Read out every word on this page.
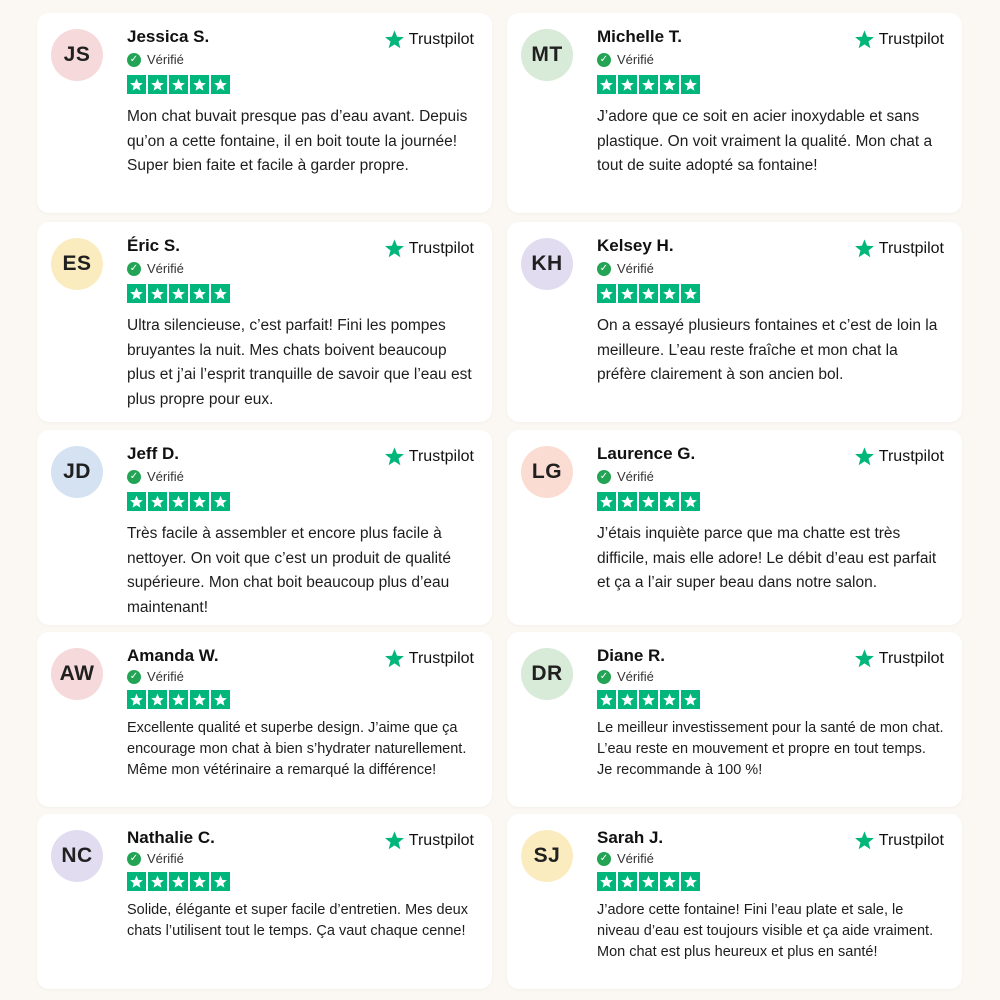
JS
Jessica S.
✓ Vérifié
Trustpilot
Mon chat buvait presque pas d’eau avant. Depuis qu’on a cette fontaine, il en boit toute la journée! Super bien faite et facile à garder propre.
MT
Michelle T.
✓ Vérifié
Trustpilot
J’adore que ce soit en acier inoxydable et sans plastique. On voit vraiment la qualité. Mon chat a tout de suite adopté sa fontaine!
ES
Éric S.
✓ Vérifié
Trustpilot
Ultra silencieuse, c’est parfait! Fini les pompes bruyantes la nuit. Mes chats boivent beaucoup plus et j’ai l’esprit tranquille de savoir que l’eau est plus propre pour eux.
KH
Kelsey H.
✓ Vérifié
Trustpilot
On a essayé plusieurs fontaines et c’est de loin la meilleure. L’eau reste fraîche et mon chat la préfère clairement à son ancien bol.
JD
Jeff D.
✓ Vérifié
Trustpilot
Très facile à assembler et encore plus facile à nettoyer. On voit que c’est un produit de qualité supérieure. Mon chat boit beaucoup plus d’eau maintenant!
LG
Laurence G.
✓ Vérifié
Trustpilot
J’étais inquiète parce que ma chatte est très difficile, mais elle adore! Le débit d’eau est parfait et ça a l’air super beau dans notre salon.
AW
Amanda W.
✓ Vérifié
Trustpilot
Excellente qualité et superbe design. J’aime que ça encourage mon chat à bien s’hydrater naturellement. Même mon vétérinaire a remarqué la différence!
DR
Diane R.
✓ Vérifié
Trustpilot
Le meilleur investissement pour la santé de mon chat. L’eau reste en mouvement et propre en tout temps. Je recommande à 100 %!
NC
Nathalie C.
✓ Vérifié
Trustpilot
Solide, élégante et super facile d’entretien. Mes deux chats l’utilisent tout le temps. Ça vaut chaque cenne!
SJ
Sarah J.
✓ Vérifié
Trustpilot
J’adore cette fontaine! Fini l’eau plate et sale, le niveau d’eau est toujours visible et ça aide vraiment. Mon chat est plus heureux et plus en santé!
